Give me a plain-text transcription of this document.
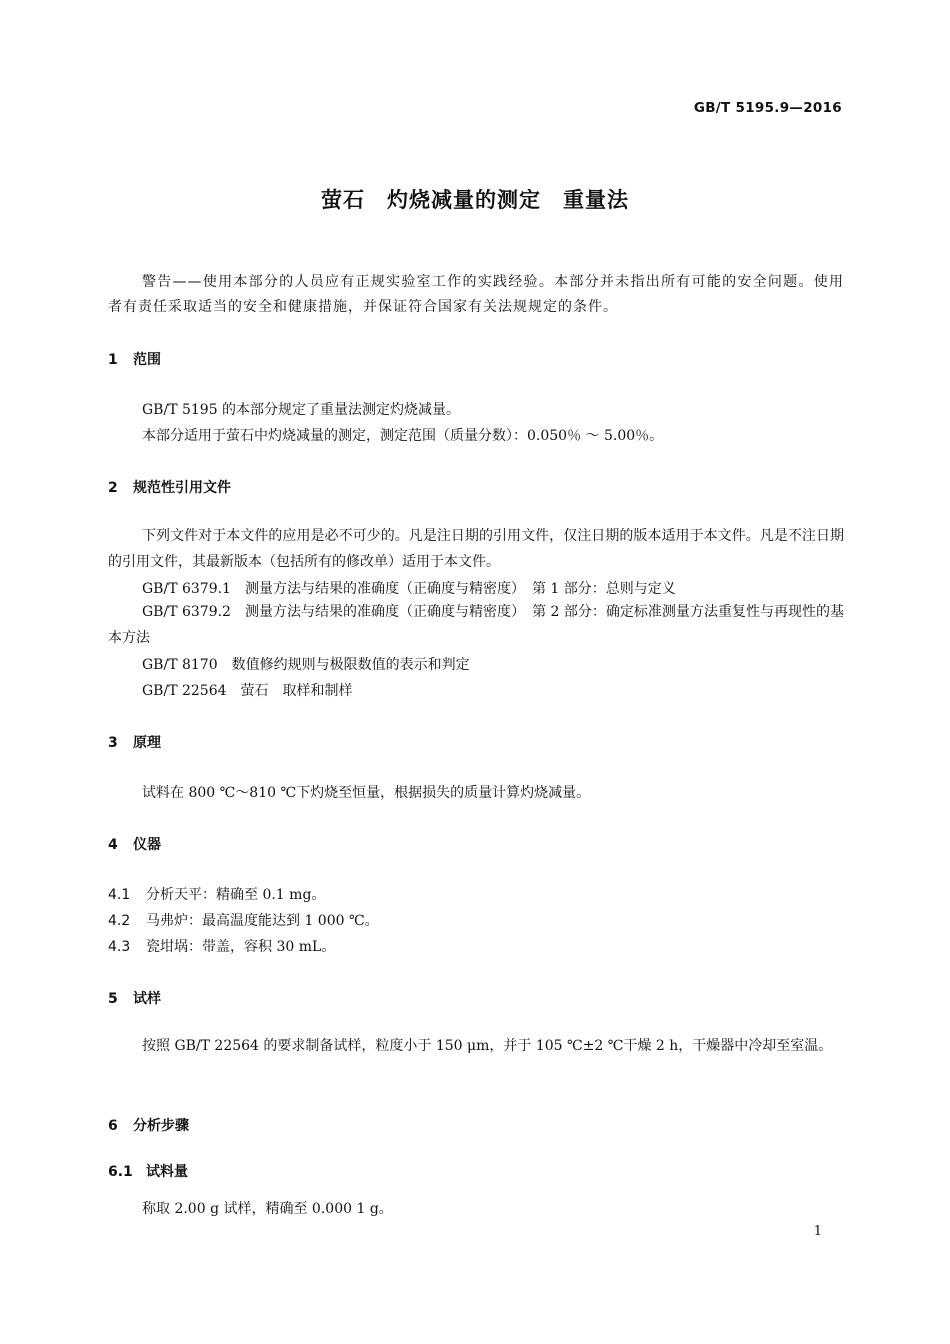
GB/T 5195.9—2016
萤石　灼烧减量的测定　重量法
警告——使用本部分的人员应有正规实验室工作的实践经验。本部分并未指出所有可能的安全问题。使用者有责任采取适当的安全和健康措施，并保证符合国家有关法规规定的条件。
1 范围
GB/T 5195 的本部分规定了重量法测定灼烧减量。
本部分适用于萤石中灼烧减量的测定，测定范围（质量分数）：0.050％ ～ 5.00％。
2 规范性引用文件
下列文件对于本文件的应用是必不可少的。凡是注日期的引用文件，仅注日期的版本适用于本文件。凡是不注日期的引用文件，其最新版本（包括所有的修改单）适用于本文件。
GB/T 6379.1　测量方法与结果的准确度（正确度与精密度）　第 1 部分：总则与定义
GB/T 6379.2　测量方法与结果的准确度（正确度与精密度）　第 2 部分：确定标准测量方法重复性与再现性的基本方法
GB/T 8170　数值修约规则与极限数值的表示和判定
GB/T 22564　萤石　取样和制样
3 原理
试料在 800 ℃～810 ℃下灼烧至恒量，根据损失的质量计算灼烧减量。
4 仪器
4.1 分析天平：精确至 0.1 mg。
4.2 马弗炉：最高温度能达到 1 000 ℃。
4.3 瓷坩埚：带盖，容积 30 mL。
5 试样
按照 GB/T 22564 的要求制备试样，粒度小于 150 μm，并于 105 ℃±2 ℃干燥 2 h，干燥器中冷却至室温。
6 分析步骤
6.1 试料量
称取 2.00 g 试样，精确至 0.000 1 g。
1
